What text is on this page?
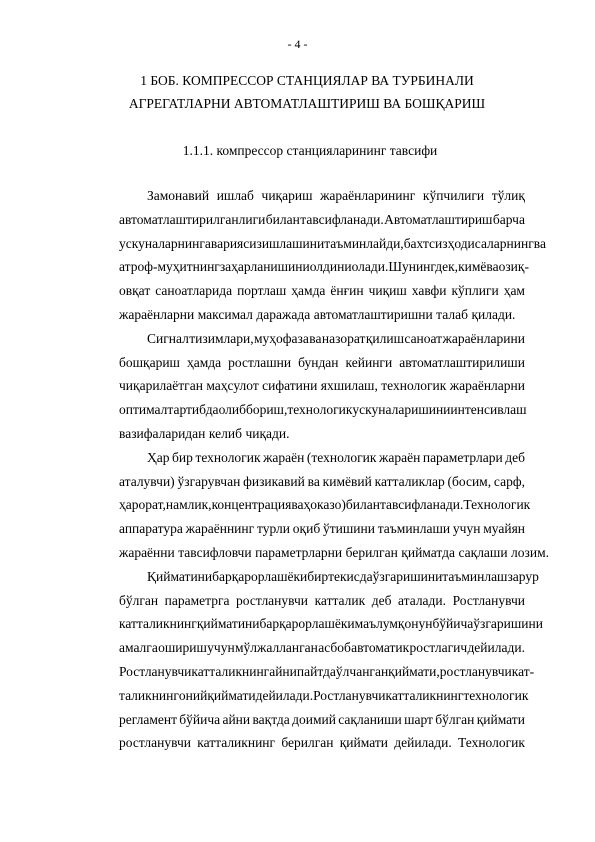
- 4 -
1 БОБ. КОМПРЕССОР СТАНЦИЯЛАР ВА ТУРБИНАЛИ
АГРЕГАТЛАРНИ АВТОМАТЛАШТИРИШ ВА БОШҚАРИШ
1.1.1. компрессор станцияларининг тавсифи
Замонавий ишлаб чиқариш жараёнларининг кўпчилиги тўлиқ
автоматлаштирилганлиги билан тавсифланади. Автоматлаштириш барча
ускуналарнинг аварияcиз ишлашини таъминлайди, бахтсиз ҳодисаларнинг ва
атроф-муҳитнинг заҳарланишини олдини олади. Шунингдек, кимё ва озиқ-
овқат саноатларида портлаш ҳамда ёнғин чиқиш хавфи кўплиги ҳам
жараёнларни максимал даражада автоматлаштиришни талаб қилади.
Сигнал тизимлари, муҳофаза ва назорат қилиш саноат жараёнларини
бошқариш ҳамда ростлашни бундан кейинги автоматлаштирилиши
чиқарилаётган маҳсулот сифатини яхшилаш, технологик жараёнларни
оптимал тартибда олиб бориш, технологик ускуналар ишини интенсивлаш
вазифаларидан келиб чиқади.
Ҳар бир технологик жараён (технологик жараён параметрлари деб
аталувчи) ўзгарувчан физикавий ва кимёвий катталиклар (босим, сарф,
ҳарорат, намлик, концентрация ва ҳоказо) билан тавсифланади. Технологик
аппаратура жараённинг турли оқиб ўтишини таъминлаши учун муайян
жараённи тавсифловчи параметрларни берилган қийматда сақлаши лозим.
Қийматини барқарорлаш ёки бир текисда ўзгаришини таъминлаш зарур
бўлган параметрга ростланувчи катталик деб аталади. Ростланувчи
катталикнинг қийматини барқарорлаш ёки маълум қонун бўйича ўзгаришини
амалга ошириш учун мўлжалланган асбоб автоматик ростлагич дейилади.
Ростланувчи катталикнинг айни пайтда ўлчанган қиймати, ростланувчи кат-
таликнинг оний қиймати дейилади. Ростланувчи катталикнинг технологик
регламент бўйича айни вақтда доимий сақланиши шарт бўлган қиймати
ростланувчи катталикнинг берилган қиймати дейилади. Технологик
